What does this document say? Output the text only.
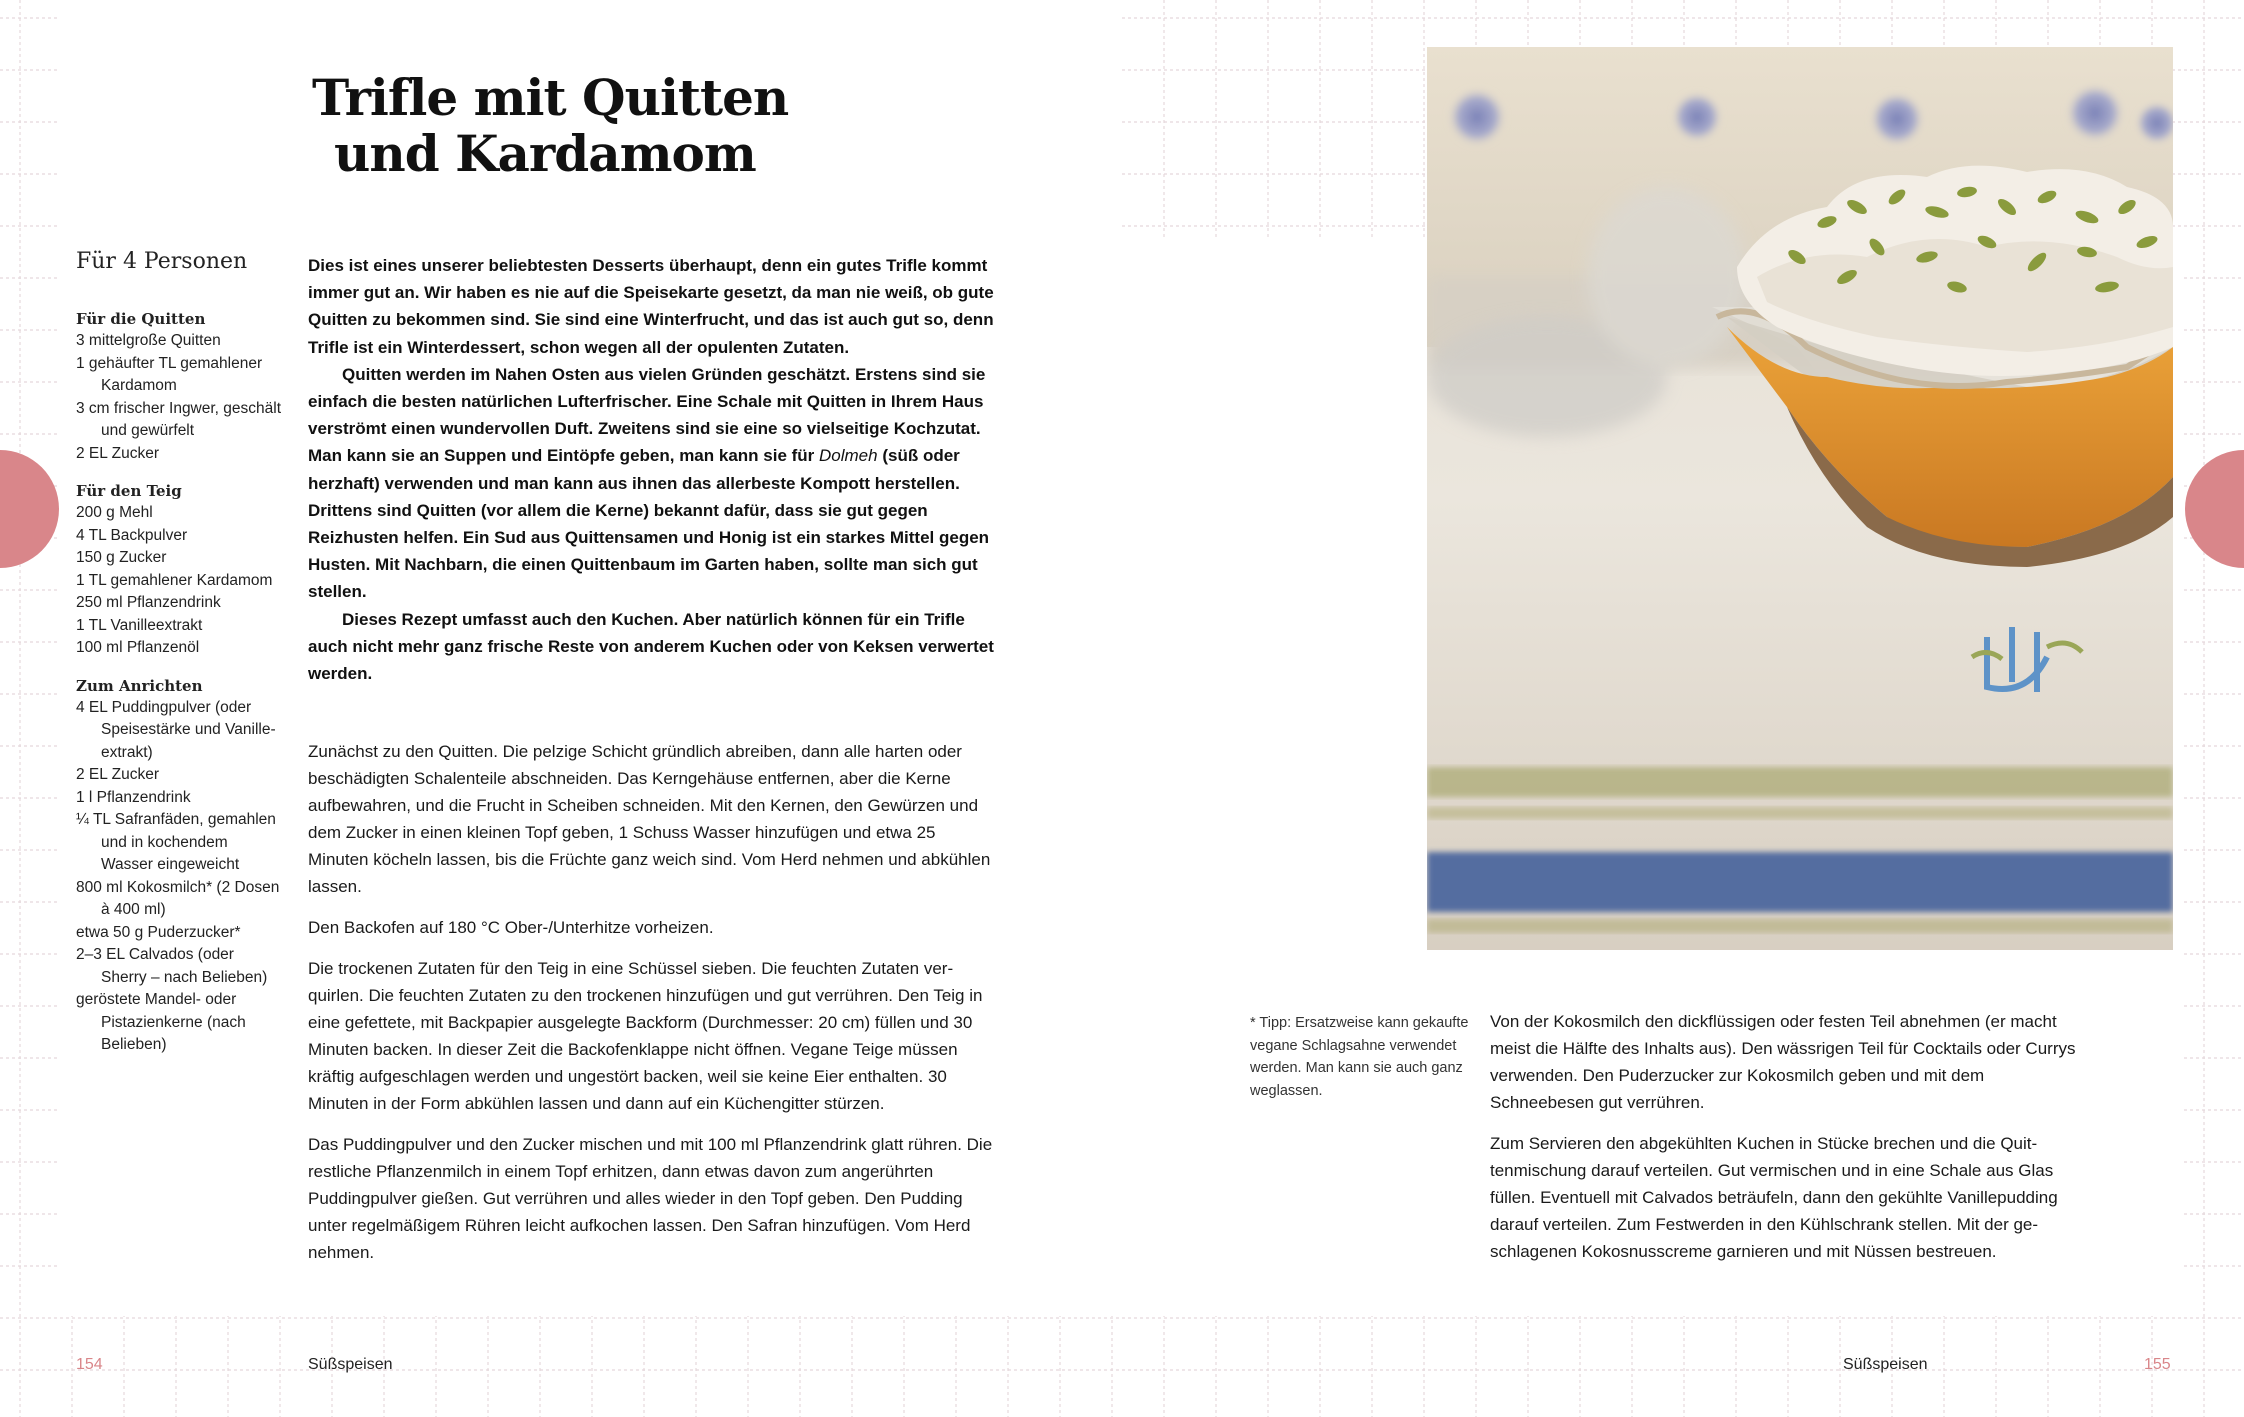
Trifle mit Quitten
und Kardamom
Für 4 Personen
Für die Quitten
3 mittelgroße Quitten
1 gehäufter TL gemahlener Kardamom
3 cm frischer Ingwer, geschält und gewürfelt
2 EL Zucker
Für den Teig
200 g Mehl
4 TL Backpulver
150 g Zucker
1 TL gemahlener Kardamom
250 ml Pflanzendrink
1 TL Vanilleextrakt
100 ml Pflanzenöl
Zum Anrichten
4 EL Puddingpulver (oder Speisestärke und Vanilleextrakt)
2 EL Zucker
1 l Pflanzendrink
¼ TL Safranfäden, gemahlen und in kochendem Wasser eingeweicht
800 ml Kokosmilch* (2 Dosen à 400 ml)
etwa 50 g Puderzucker*
2–3 EL Calvados (oder Sherry – nach Belieben)
geröstete Mandel- oder Pistazienkerne (nach Belieben)

Dies ist eines unserer beliebtesten Desserts überhaupt, denn ein gutes Trifle kommt immer gut an. Wir haben es nie auf die Speisekarte gesetzt, da man nie weiß, ob gute Quitten zu bekommen sind. Sie sind eine Winterfrucht, und das ist auch gut so, denn Trifle ist ein Winterdessert, schon wegen all der opulenten Zutaten.

Quitten werden im Nahen Osten aus vielen Gründen geschätzt. Erstens sind sie einfach die besten natürlichen Lufterfrischer. Eine Schale mit Quitten in Ihrem Haus verströmt einen wundervollen Duft. Zweitens sind sie eine so vielseitige Kochzutat. Man kann sie an Suppen und Eintöpfe geben, man kann sie für Dolmeh (süß oder herzhaft) verwenden und man kann aus ihnen das allerbeste Kompott herstellen. Drittens sind Quitten (vor allem die Kerne) bekannt dafür, dass sie gut gegen Reizhusten helfen. Ein Sud aus Quittensamen und Honig ist ein starkes Mittel gegen Husten. Mit Nachbarn, die einen Quittenbaum im Garten haben, sollte man sich gut stellen.

Dieses Rezept umfasst auch den Kuchen. Aber natürlich können für ein Trifle auch nicht mehr ganz frische Reste von anderem Kuchen oder von Keksen verwertet werden.

Zunächst zu den Quitten. Die pelzige Schicht gründlich abreiben, dann alle harten oder beschädigten Schalenteile abschneiden. Das Kerngehäuse entfernen, aber die Kerne aufbewahren, und die Frucht in Scheiben schneiden. Mit den Kernen, den Gewürzen und dem Zucker in einen kleinen Topf geben, 1 Schuss Wasser hinzufügen und etwa 25 Minuten köcheln lassen, bis die Früchte ganz weich sind. Vom Herd nehmen und abkühlen lassen.

Den Backofen auf 180 °C Ober-/Unterhitze vorheizen.

Die trockenen Zutaten für den Teig in eine Schüssel sieben. Die feuchten Zutaten verquirlen. Die feuchten Zutaten zu den trockenen hinzufügen und gut verrühren. Den Teig in eine gefettete, mit Backpapier ausgelegte Backform (Durchmesser: 20 cm) füllen und 30 Minuten backen. In dieser Zeit die Backofenklappe nicht öffnen. Vegane Teige müssen kräftig aufgeschlagen werden und ungestört backen, weil sie keine Eier enthalten. 30 Minuten in der Form abkühlen lassen und dann auf ein Küchengitter stürzen.

Das Puddingpulver und den Zucker mischen und mit 100 ml Pflanzendrink glatt rühren. Die restliche Pflanzenmilch in einem Topf erhitzen, dann etwas davon zum angerührten Puddingpulver gießen. Gut verrühren und alles wieder in den Topf geben. Den Pudding unter regelmäßigem Rühren leicht aufkochen lassen. Den Safran hinzufügen. Vom Herd nehmen.

* Tipp: Ersatzweise kann gekaufte vegane Schlagsahne verwendet werden. Man kann sie auch ganz weglassen.

Von der Kokosmilch den dickflüssigen oder festen Teil abnehmen (er macht meist die Hälfte des Inhalts aus). Den wässrigen Teil für Cocktails oder Currys verwenden. Den Puderzucker zur Kokosmilch geben und mit dem Schneebesen gut verrühren.

Zum Servieren den abgekühlten Kuchen in Stücke brechen und die Quittenmischung darauf verteilen. Gut vermischen und in eine Schale aus Glas füllen. Eventuell mit Calvados beträufeln, dann den gekühlte Vanillepudding darauf verteilen. Zum Festwerden in den Kühlschrank stellen. Mit der geschlagenen Kokosnusscreme garnieren und mit Nüssen bestreuen.

154	Süßspeisen	Süßspeisen	155
